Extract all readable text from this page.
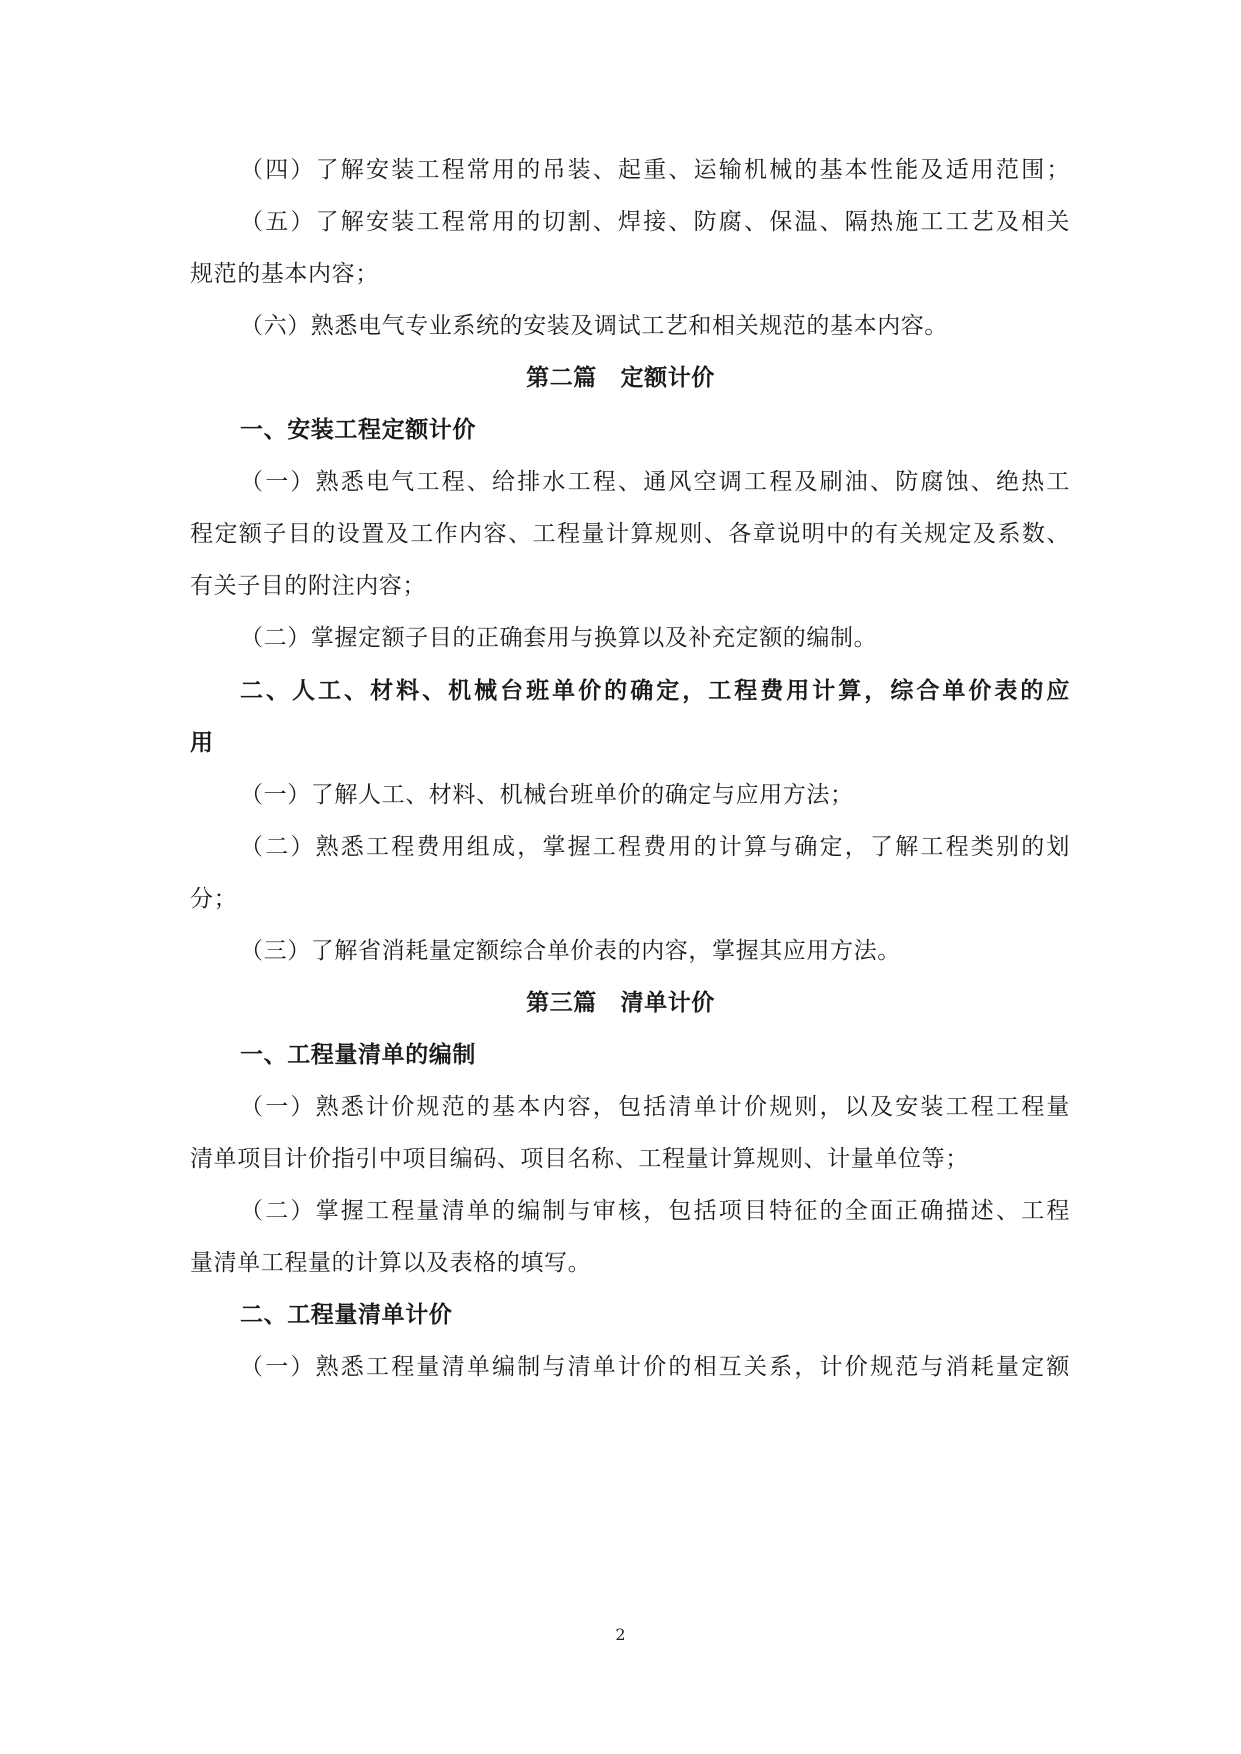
（四）了解安装工程常用的吊装、起重、运输机械的基本性能及适用范围；
（五）了解安装工程常用的切割、焊接、防腐、保温、隔热施工工艺及相关
规范的基本内容；
（六）熟悉电气专业系统的安装及调试工艺和相关规范的基本内容。
第二篇　定额计价
一、安装工程定额计价
（一）熟悉电气工程、给排水工程、通风空调工程及刷油、防腐蚀、绝热工
程定额子目的设置及工作内容、工程量计算规则、各章说明中的有关规定及系数、
有关子目的附注内容；
（二）掌握定额子目的正确套用与换算以及补充定额的编制。
二、人工、材料、机械台班单价的确定，工程费用计算，综合单价表的应
用
（一）了解人工、材料、机械台班单价的确定与应用方法；
（二）熟悉工程费用组成，掌握工程费用的计算与确定，了解工程类别的划
分；
（三）了解省消耗量定额综合单价表的内容，掌握其应用方法。
第三篇　清单计价
一、工程量清单的编制
（一）熟悉计价规范的基本内容，包括清单计价规则，以及安装工程工程量
清单项目计价指引中项目编码、项目名称、工程量计算规则、计量单位等；
（二）掌握工程量清单的编制与审核，包括项目特征的全面正确描述、工程
量清单工程量的计算以及表格的填写。
二、工程量清单计价
（一）熟悉工程量清单编制与清单计价的相互关系，计价规范与消耗量定额
2
